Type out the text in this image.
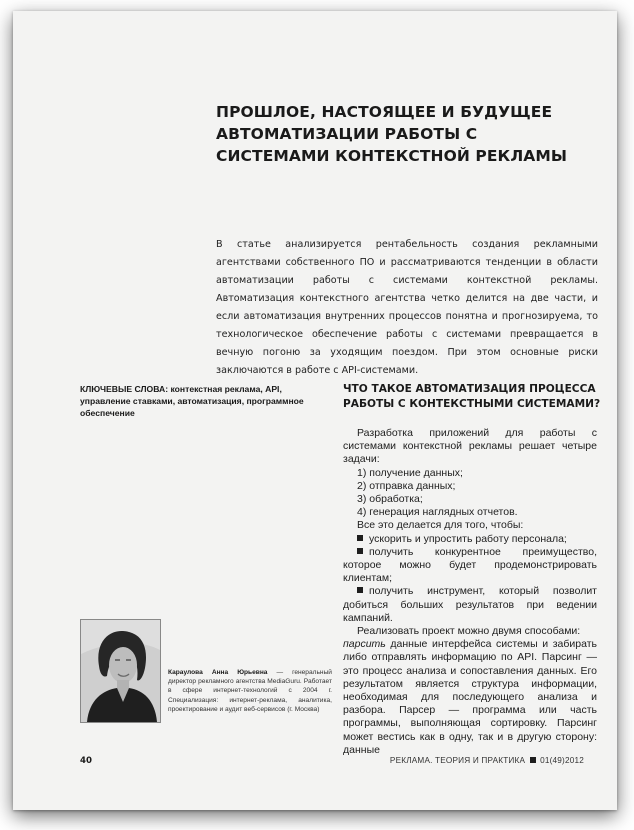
ПРОШЛОЕ, НАСТОЯЩЕЕ И БУДУЩЕЕ АВТОМАТИЗАЦИИ РАБОТЫ С СИСТЕМАМИ КОНТЕКСТНОЙ РЕКЛАМЫ

В статье анализируется рентабельность создания рекламными агентствами собственного ПО и рассматриваются тенденции в области автоматизации работы с системами контекстной рекламы. Автоматизация контекстного агентства четко делится на две части, и если автоматизация внутренних процессов понятна и прогнозируема, то технологическое обеспечение работы с системами превращается в вечную погоню за уходящим поездом. При этом основные риски заключаются в работе с API-системами.

КЛЮЧЕВЫЕ СЛОВА: контекстная реклама, API, управление ставками, автоматизация, программное обеспечение

ЧТО ТАКОЕ АВТОМАТИЗАЦИЯ ПРОЦЕССА РАБОТЫ С КОНТЕКСТНЫМИ СИСТЕМАМИ?

Разработка приложений для работы с системами контекстной рекламы решает четыре задачи:

1) получение данных;

2) отправка данных;

3) обработка;

4) генерация наглядных отчетов.

Все это делается для того, чтобы:

ускорить и упростить работу персонала;

получить конкурентное преимущество, которое можно будет продемонстрировать клиентам;

получить инструмент, который позволит добиться больших результатов при ведении кампаний.

Реализовать проект можно двумя способами:

парсить данные интерфейса системы и забирать либо отправлять информацию по API. Парсинг — это процесс анализа и сопоставления данных. Его результатом является структура информации, необходимая для последующего анализа и разбора. Парсер — программа или часть программы, выполняющая сортировку. Парсинг может вестись как в одну, так и в другую сторону: данные

Караулова Анна Юрьевна — генеральный директор рекламного агентства MediaGuru. Работает в сфере интернет-технологий с 2004 г. Специализация: интернет-реклама, аналитика, проектирование и аудит веб-сервисов (г. Москва)

40	РЕКЛАМА. ТЕОРИЯ И ПРАКТИКА 01(49)2012
